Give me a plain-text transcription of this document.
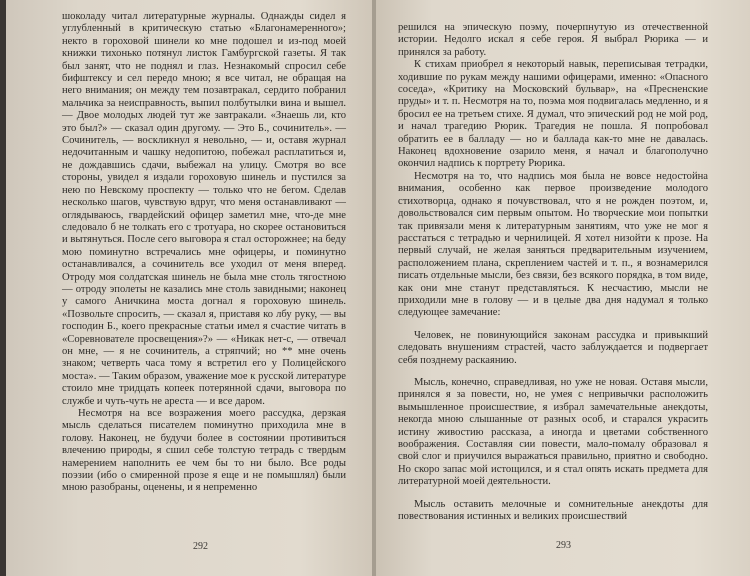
шоколаду читал литературные журналы. Однажды сидел я углубленный в критическую статью «Благонамеренного»; некто в гороховой шинели ко мне подошел и из-под моей книжки тихонько потянул листок Гамбургской газеты. Я так был занят, что не поднял и глаз. Незнакомый спросил себе бифштексу и сел передо мною; я все читал, не обращая на него внимания; он между тем позавтракал, сердито побранил мальчика за неисправность, выпил полбутылки вина и вышел. — Двое молодых людей тут же завтракали. «Знаешь ли, кто это был?» — сказал один другому. — Это Б., сочинитель». — Сочинитель, — воскликнул я невольно, — и, оставя журнал недочитанным и чашку недопитою, побежал расплатиться и, не дождавшись сдачи, выбежал на улицу. Смотря во все стороны, увидел я издали гороховую шинель и пустился за нею по Невскому проспекту — только что не бегом. Сделав несколько шагов, чувствую вдруг, что меня останавливают — оглядываюсь, гвардейский офицер заметил мне, что-де мне следовало б не толкать его с тротуара, но скорее остановиться и вытянуться. После сего выговора я стал осторожнее; на беду мою поминутно встречались мне офицеры, и поминутно останавливался, а сочинитель все уходил от меня вперед. Отроду моя солдатская шинель не была мне столь тягостною — отроду эполеты не казались мне столь завидными; наконец у самого Аничкина моста догнал я гороховую шинель. «Позвольте спросить, — сказал я, приставя ко лбу руку, — вы господин Б., коего прекрасные статьи имел я счастие читать в «Соревнователе просвещения»?» — «Никак нет-с, — отвечал он мне, — я не сочинитель, а стряпчий; но ** мне очень знаком; четверть часа тому я встретил его у Полицейского моста». — Таким образом, уважение мое к русской литературе стоило мне тридцать копеек потерянной сдачи, выговора по службе и чуть-чуть не ареста — и все даром.

Несмотря на все возражения моего рассудка, дерзкая мысль сделаться писателем поминутно приходила мне в голову. Наконец, не будучи более в состоянии противиться влечению природы, я сшил себе толстую тетрадь с твердым намерением наполнить ее чем бы то ни было. Все роды поэзии (ибо о смиренной прозе я еще и не помышлял) были мною разобраны, оценены, и я непременно

292

решился на эпическую поэму, почерпнутую из отечественной истории. Недолго искал я себе героя. Я выбрал Рюрика — и принялся за работу.

К стихам приобрел я некоторый навык, переписывая тетрадки, ходившие по рукам между нашими офицерами, именно: «Опасного соседа», «Критику на Московский бульвар», на «Пресненские пруды» и т. п. Несмотря на то, поэма моя подвигалась медленно, и я бросил ее на третьем стихе. Я думал, что эпический род не мой род, и начал трагедию Рюрик. Трагедия не пошла. Я попробовал обратить ее в балладу — но и баллада как-то мне не давалась. Наконец вдохновение озарило меня, я начал и благополучно окончил надпись к портрету Рюрика.

Несмотря на то, что надпись моя была не вовсе недостойна внимания, особенно как первое произведение молодого стихотворца, однако я почувствовал, что я не рожден поэтом, и, довольствовался сим первым опытом. Но творческие мои попытки так привязали меня к литературным занятиям, что уже не мог я расстаться с тетрадью и чернилицей. Я хотел низойти к прозе. На первый случай, не желая заняться предварительным изучением, расположением плана, скреплением частей и т. п., я вознамерился писать отдельные мысли, без связи, без всякого порядка, в том виде, как они мне станут представляться. К несчастию, мысли не приходили мне в голову — и в целые два дня надумал я только следующее замечание:

Человек, не повинующийся законам рассудка и привыкший следовать внушениям страстей, часто заблуждается и подвергает себя позднему раскаянию.

Мысль, конечно, справедливая, но уже не новая. Оставя мысли, принялся я за повести, но, не умея с непривычки расположить вымышленное происшествие, я избрал замечательные анекдоты, некогда мною слышанные от разных особ, и старался украсить истину живостию рассказа, а иногда и цветами собственного воображения. Составляя сии повести, мало-помалу образовал я свой слог и приучился выражаться правильно, приятно и свободно. Но скоро запас мой истощился, и я стал опять искать предмета для литературной моей деятельности.

Мысль оставить мелочные и сомнительные анекдоты для повествования истинных и великих происшествий

293
